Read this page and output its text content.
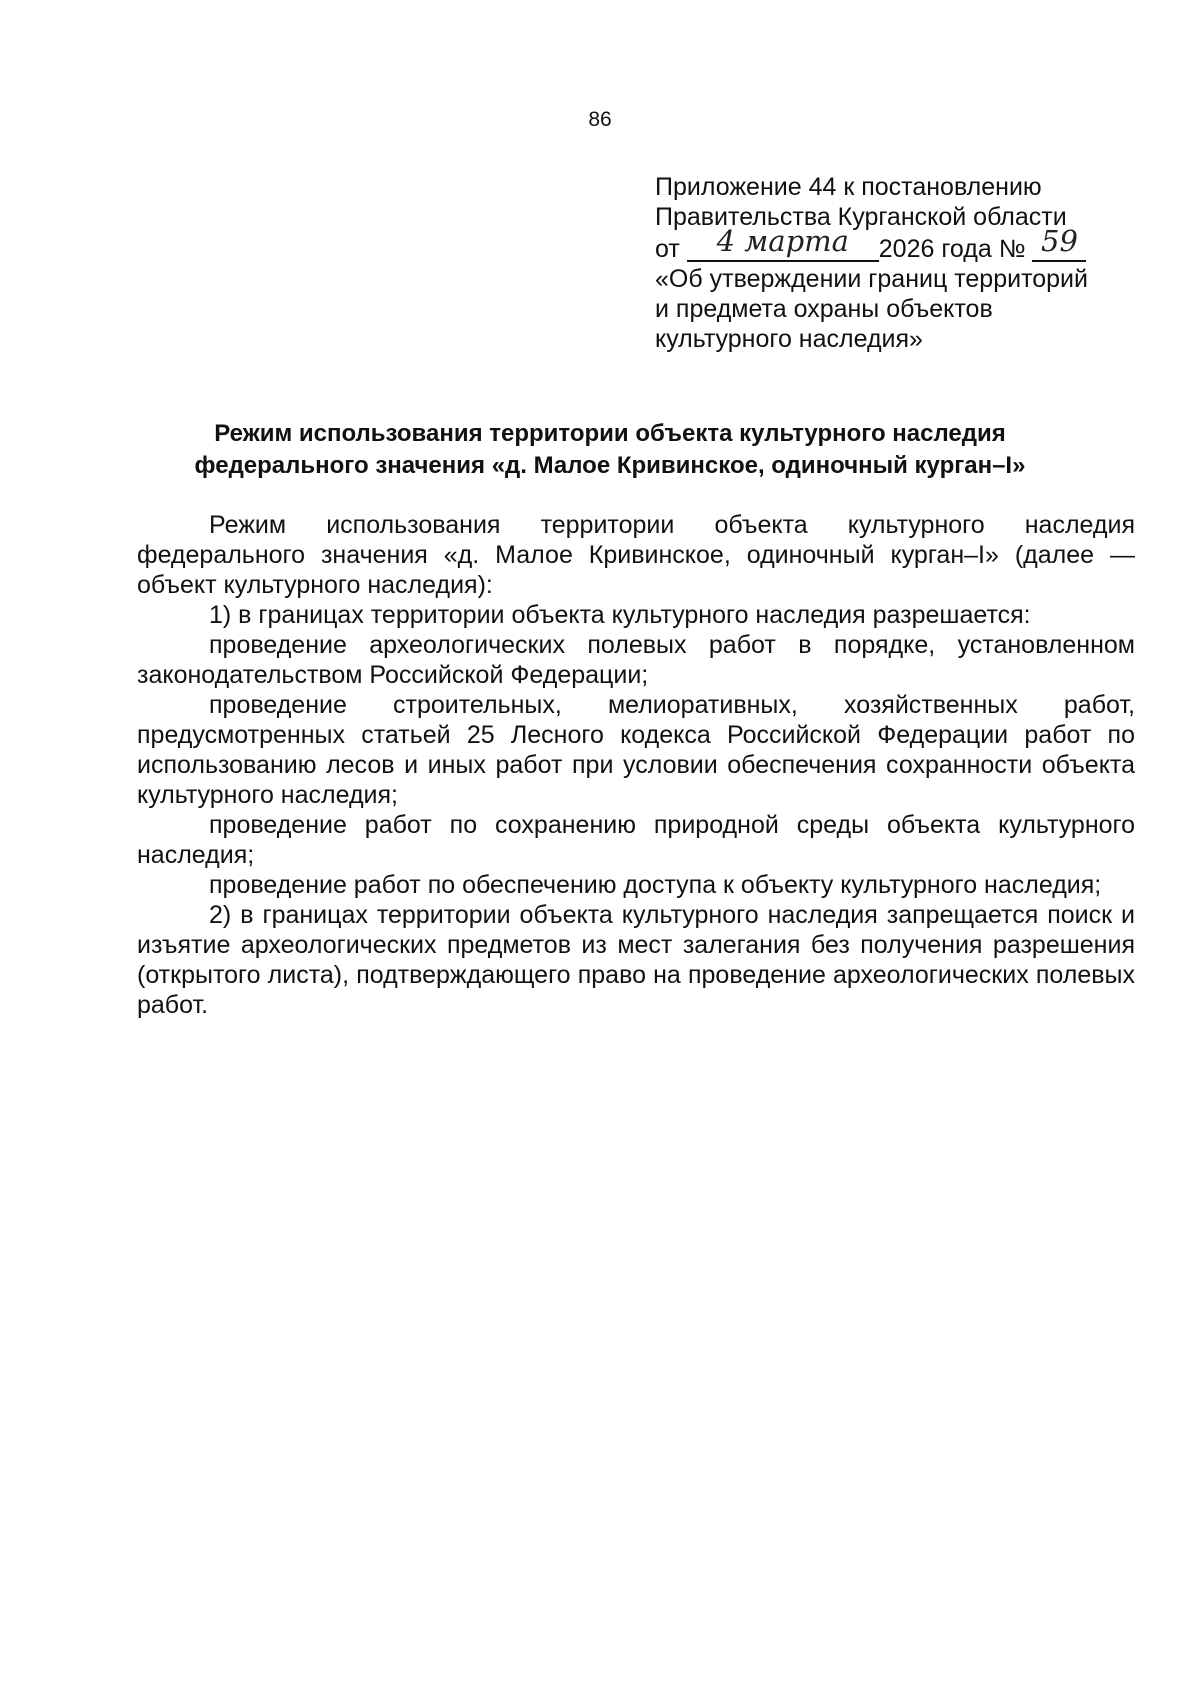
86
Приложение 44 к постановлению
Правительства Курганской области
от 4 марта 2026 года № 59
«Об утверждении границ территорий
и предмета охраны объектов
культурного наследия»
Режим использования территории объекта культурного наследия
федерального значения «д. Малое Кривинское, одиночный курган–I»

Режим использования территории объекта культурного наследия федерального значения «д. Малое Кривинское, одиночный курган–I» (далее — объект культурного наследия):

1) в границах территории объекта культурного наследия разрешается:

проведение археологических полевых работ в порядке, установленном законодательством Российской Федерации;

проведение строительных, мелиоративных, хозяйственных работ, предусмотренных статьей 25 Лесного кодекса Российской Федерации работ по использованию лесов и иных работ при условии обеспечения сохранности объекта культурного наследия;

проведение работ по сохранению природной среды объекта культурного наследия;

проведение работ по обеспечению доступа к объекту культурного наследия;

2) в границах территории объекта культурного наследия запрещается поиск и изъятие археологических предметов из мест залегания без получения разрешения (открытого листа), подтверждающего право на проведение археологических полевых работ.
